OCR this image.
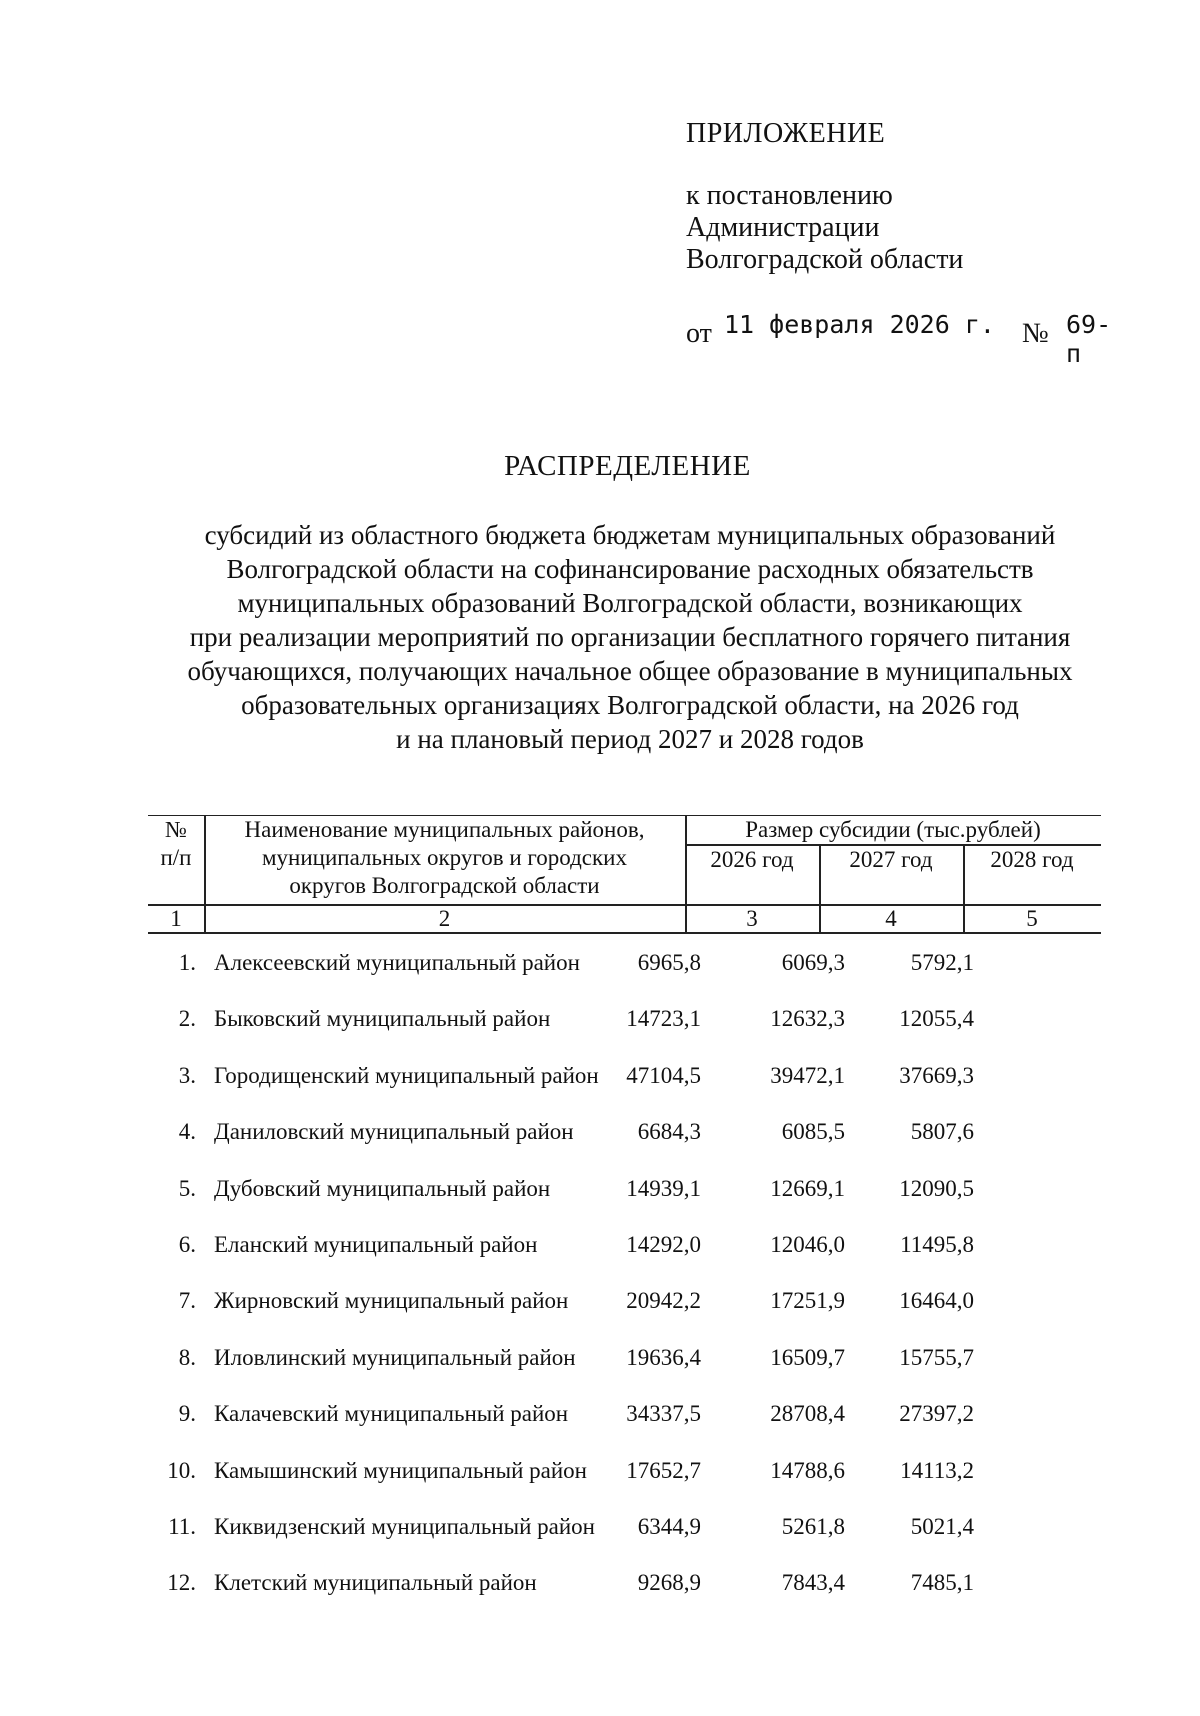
ПРИЛОЖЕНИЕ
к постановлению
Администрации
Волгоградской области
от 11 февраля 2026 г. № 69-п
РАСПРЕДЕЛЕНИЕ
субсидий из областного бюджета бюджетам муниципальных образований
Волгоградской области на софинансирование расходных обязательств
муниципальных образований Волгоградской области, возникающих
при реализации мероприятий по организации бесплатного горячего питания
обучающихся, получающих начальное общее образование в муниципальных
образовательных организациях Волгоградской области, на 2026 год
и на плановый период 2027 и 2028 годов
№
п/п
Наименование муниципальных районов,
муниципальных округов и городских
округов Волгоградской области
Размер субсидии (тыс.рублей)
2026 год	2027 год	2028 год
1	2	3	4	5
1. Алексеевский муниципальный район	6965,8	6069,3	5792,1
2. Быковский муниципальный район	14723,1	12632,3 12055,4
3. Городищенский муниципальный район 47104,5	39472,1 37669,3
4. Даниловский муниципальный район	6684,3	6085,5	5807,6
5. Дубовский муниципальный район	14939,1	12669,1 12090,5
6. Еланский муниципальный район	14292,0	12046,0 11495,8
7. Жирновский муниципальный район	20942,2	17251,9 16464,0
8. Иловлинский муниципальный район 19636,4	16509,7 15755,7
9. Калачевский муниципальный район	34337,5	28708,4 27397,2
10. Камышинский муниципальный район 17652,7	14788,6 14113,2
11. Киквидзенский муниципальный район 6344,9	5261,8	5021,4
12. Клетский муниципальный район	9268,9	7843,4	7485,1
